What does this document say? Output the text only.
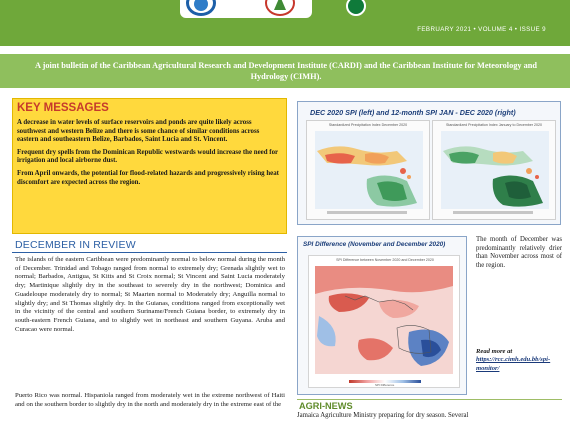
FEBRUARY 2021 • VOLUME 4 • ISSUE 9
A joint bulletin of the Caribbean Agricultural Research and Development Institute (CARDI) and the Caribbean Institute for Meteorology and Hydrology (CIMH).
KEY MESSAGES

A decrease in water levels of surface reservoirs and ponds are quite likely across southwest and western Belize and there is some chance of similar conditions across eastern and southeastern Belize, Barbados, Saint Lucia and St. Vincent.

Frequent dry spells from the Dominican Republic westwards would increase the need for irrigation and local airborne dust.

From April onwards, the potential for flood-related hazards and progressively rising heat discomfort are expected across the region.

DECEMBER IN REVIEW

The islands of the eastern Caribbean were predominantly normal to below normal during the month of December. Trinidad and Tobago ranged from normal to extremely dry; Grenada slightly wet to normal; Barbados, Antigua, St Kitts and St Croix normal; St Vincent and Saint Lucia moderately dry; Martinique slightly dry in the southeast to severely dry in the northwest; Dominica and Guadeloupe moderately dry to normal; St Maarten normal to Moderately dry; Anguilla normal to slightly dry; and St Thomas slightly dry. In the Guianas, conditions ranged from exceptionally wet in the vicinity of the central and southern Suriname/French Guiana border, to extremely dry in south-eastern French Guiana, and to slightly wet in northeast and southern Guyana. Aruba and Curacao were normal.

Puerto Rico was normal. Hispaniola ranged from moderately wet in the extreme northwest of Haiti and on the southern border to slightly dry in the north and moderately dry in the extreme east of the

DEC 2020 SPI (left) and 12-month SPI JAN - DEC 2020 (right)
Standardized Precipitation Index December 2020	Standardized Precipitation Index January to December 2020
SPI Difference (November and December 2020)
SPI Difference between November 2020 and December 2020
SPI Difference

The month of December was predominantly relatively drier than November across most of the region.

Read more at
https://rcc.cimh.edu.bb/spi-monitor/
AGRI-NEWS

Jamaica Agriculture Ministry preparing for dry season. Several
